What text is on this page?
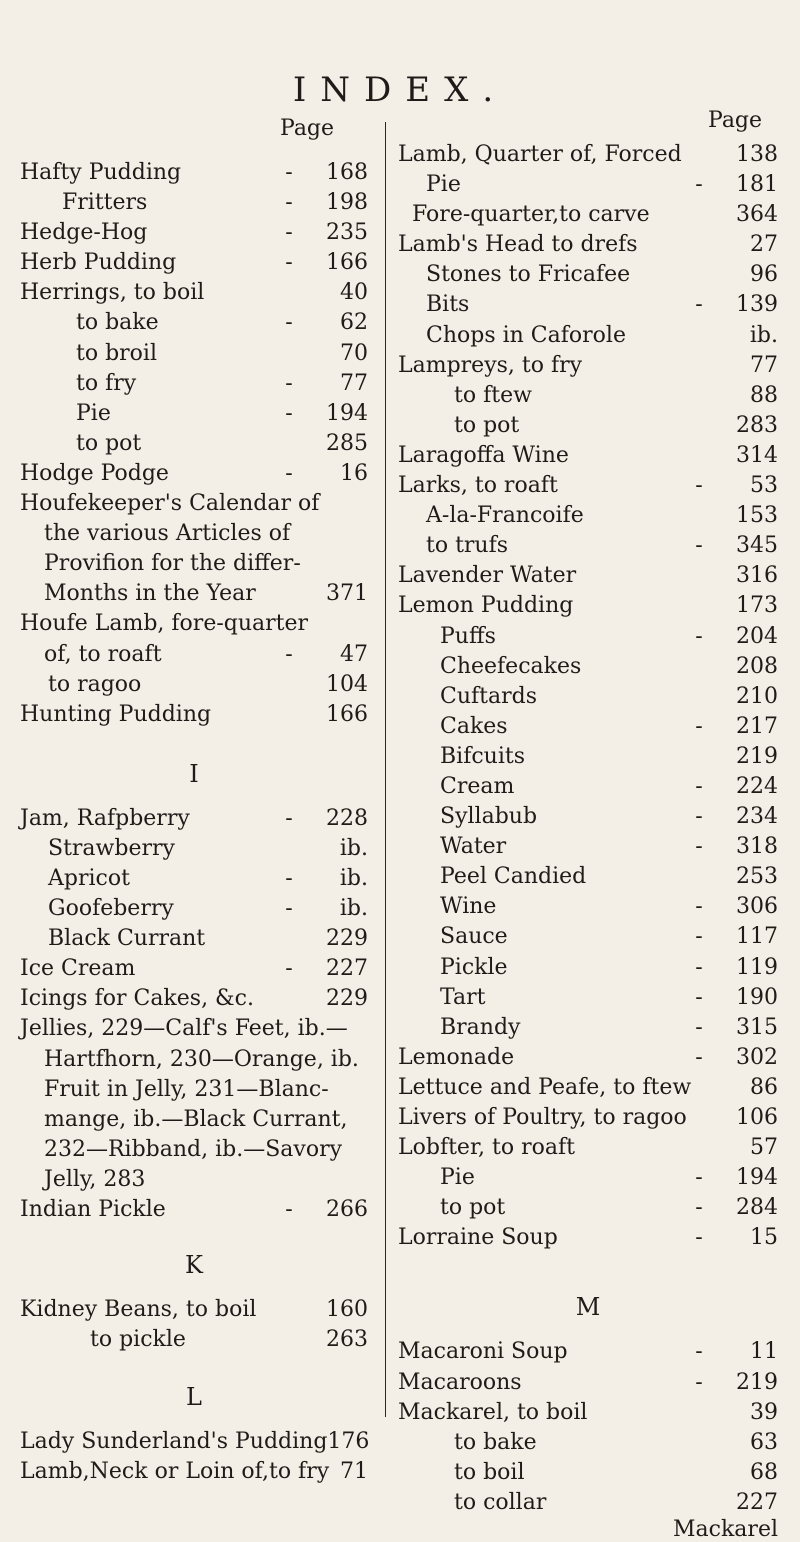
INDEX.
Page
Hafty Pudding	-	168
Fritters	-	198
Hedge-Hog	-	235
Herb Pudding	-	166
Herrings, to boil	40
to bake	-	62
to broil	70
to fry	-	77
Pie	-	194
to pot	285
Hodge Podge	-	16
Houfekeeper's Calendar of
the various Articles of
Provifion for the differ-
Months in the Year	371
Houfe Lamb, fore-quarter
of, to roaft	-	47
to ragoo	104
Hunting Pudding	166
I
Jam, Rafpberry	-	228
Strawberry	ib.
Apricot	-	ib.
Goofeberry	-	ib.
Black Currant	229
Ice Cream	-	227
Icings for Cakes, &c.	229
Jellies, 229—Calf's Feet, ib.—
Hartfhorn, 230—Orange, ib.
Fruit in Jelly, 231—Blanc-
mange, ib.—Black Currant,
232—Ribband, ib.—Savory
Jelly, 283
Indian Pickle	-	266
K
Kidney Beans, to boil	160
to pickle	263
L
Lady Sunderland's Pudding 176
Lamb,Neck or Loin of,to fry 71
Page
Lamb, Quarter of, Forced	138
Pie	-	181
Fore-quarter,to carve	364
Lamb's Head to drefs	27
Stones to Fricafee	96
Bits	-	139
Chops in Caforole	ib.
Lampreys, to fry	77
to ftew	88
to pot	283
Laragoffa Wine	314
Larks, to roaft	-	53
A-la-Francoife	153
to trufs	-	345
Lavender Water	316
Lemon Pudding	173
Puffs	-	204
Cheefecakes	208
Cuftards	210
Cakes	-	217
Bifcuits	219
Cream	-	224
Syllabub	-	234
Water	-	318
Peel Candied	253
Wine	-	306
Sauce	-	117
Pickle	-	119
Tart	-	190
Brandy	-	315
Lemonade	-	302
Lettuce and Peafe, to ftew	86
Livers of Poultry, to ragoo	106
Lobfter, to roaft	57
Pie	-	194
to pot	-	284
Lorraine Soup	-	15
M
Macaroni Soup	-	11
Macaroons	-	219
Mackarel, to boil	39
to bake	63
to boil	68
to collar	227
Mackarel
